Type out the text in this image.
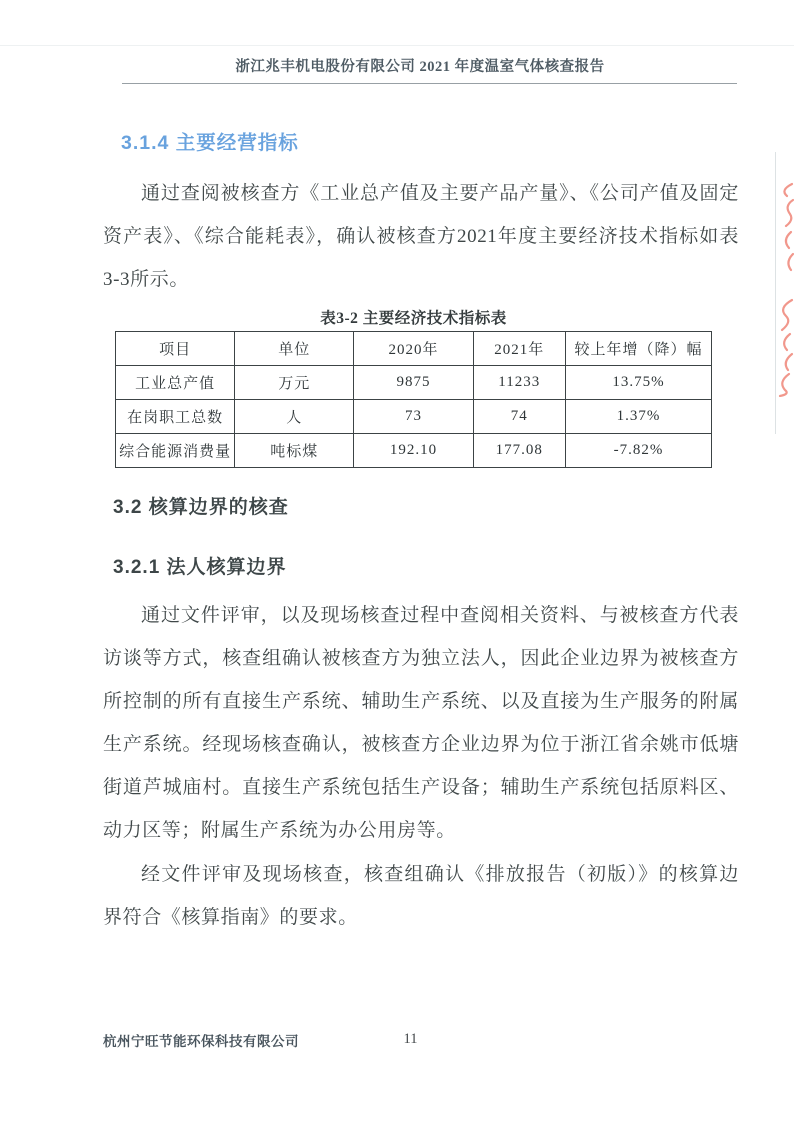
浙江兆丰机电股份有限公司 2021 年度温室气体核查报告
3.1.4 主要经营指标
通过查阅被核查方《工业总产值及主要产品产量》、《公司产值及固定资产表》、《综合能耗表》，确认被核查方2021年度主要经济技术指标如表3-3所示。
表3-2 主要经济技术指标表
项目	单位	2020年	2021年	较上年增（降）幅
工业总产值	万元	9875	11233	13.75%
在岗职工总数	人	73	74	1.37%
综合能源消费量	吨标煤	192.10	177.08	-7.82%
3.2 核算边界的核查
3.2.1 法人核算边界
通过文件评审，以及现场核查过程中查阅相关资料、与被核查方代表访谈等方式，核查组确认被核查方为独立法人，因此企业边界为被核查方所控制的所有直接生产系统、辅助生产系统、以及直接为生产服务的附属生产系统。经现场核查确认，被核查方企业边界为位于浙江省余姚市低塘街道芦城庙村。直接生产系统包括生产设备；辅助生产系统包括原料区、动力区等；附属生产系统为办公用房等。
经文件评审及现场核查，核查组确认《排放报告（初版）》的核算边界符合《核算指南》的要求。
杭州宁旺节能环保科技有限公司	11
